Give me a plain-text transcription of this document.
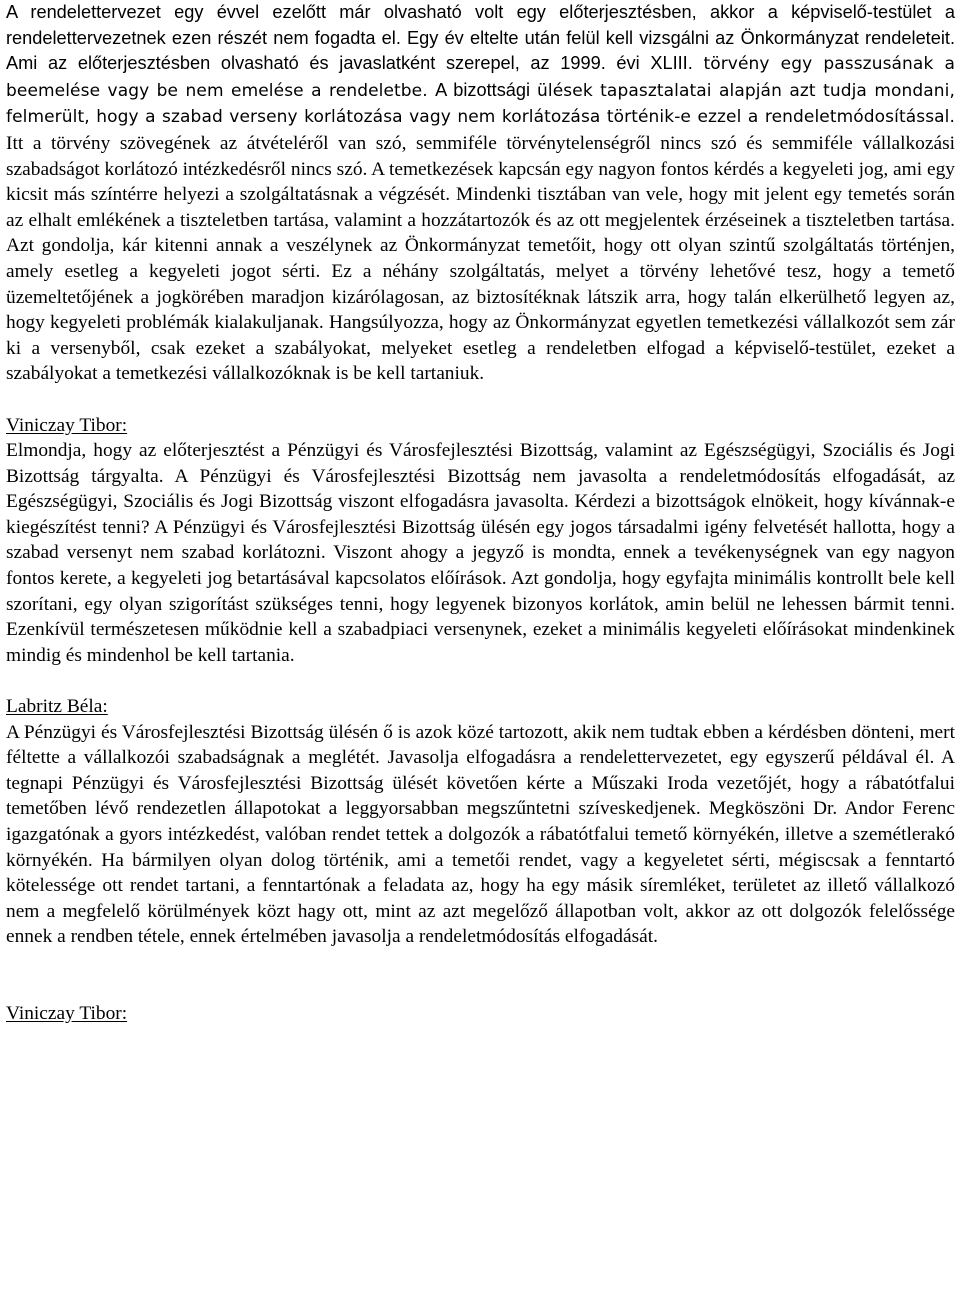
A rendelettervezet egy évvel ezelőtt már olvasható volt egy előterjesztésben, akkor a képviselő-testület a rendelettervezetnek ezen részét nem fogadta el. Egy év eltelte után felül kell vizsgálni az Önkormányzat rendeleteit. Ami az előterjesztésben olvasható és javaslatként szerepel, az 1999. évi XLIII. törvény egy passzusának a beemelése vagy be nem emelése a rendeletbe. A bizottsági ülések tapasztalatai alapján azt tudja mondani, felmerült, hogy a szabad verseny korlátozása vagy nem korlátozása történik-e ezzel a rendeletmódosítással. Itt a törvény szövegének az átvételéről van szó, semmiféle törvénytelenségről nincs szó és semmiféle vállalkozási szabadságot korlátozó intézkedésről nincs szó. A temetkezések kapcsán egy nagyon fontos kérdés a kegyeleti jog, ami egy kicsit más színtérre helyezi a szolgáltatásnak a végzését. Mindenki tisztában van vele, hogy mit jelent egy temetés során az elhalt emlékének a tiszteletben tartása, valamint a hozzátartozók és az ott megjelentek érzéseinek a tiszteletben tartása. Azt gondolja, kár kitenni annak a veszélynek az Önkormányzat temetőit, hogy ott olyan szintű szolgáltatás történjen, amely esetleg a kegyeleti jogot sérti. Ez a néhány szolgáltatás, melyet a törvény lehetővé tesz, hogy a temető üzemeltetőjének a jogkörében maradjon kizárólagosan, az biztosítéknak látszik arra, hogy talán elkerülhető legyen az, hogy kegyeleti problémák kialakuljanak. Hangsúlyozza, hogy az Önkormányzat egyetlen temetkezési vállalkozót sem zár ki a versenyből, csak ezeket a szabályokat, melyeket esetleg a rendeletben elfogad a képviselő-testület, ezeket a szabályokat a temetkezési vállalkozóknak is be kell tartaniuk.

Viniczay Tibor:

Elmondja, hogy az előterjesztést a Pénzügyi és Városfejlesztési Bizottság, valamint az Egészségügyi, Szociális és Jogi Bizottság tárgyalta. A Pénzügyi és Városfejlesztési Bizottság nem javasolta a rendeletmódosítás elfogadását, az Egészségügyi, Szociális és Jogi Bizottság viszont elfogadásra javasolta. Kérdezi a bizottságok elnökeit, hogy kívánnak-e kiegészítést tenni? A Pénzügyi és Városfejlesztési Bizottság ülésén egy jogos társadalmi igény felvetését hallotta, hogy a szabad versenyt nem szabad korlátozni. Viszont ahogy a jegyző is mondta, ennek a tevékenységnek van egy nagyon fontos kerete, a kegyeleti jog betartásával kapcsolatos előírások. Azt gondolja, hogy egyfajta minimális kontrollt bele kell szorítani, egy olyan szigorítást szükséges tenni, hogy legyenek bizonyos korlátok, amin belül ne lehessen bármit tenni. Ezenkívül természetesen működnie kell a szabadpiaci versenynek, ezeket a minimális kegyeleti előírásokat mindenkinek mindig és mindenhol be kell tartania.

Labritz Béla:

A Pénzügyi és Városfejlesztési Bizottság ülésén ő is azok közé tartozott, akik nem tudtak ebben a kérdésben dönteni, mert féltette a vállalkozói szabadságnak a meglétét. Javasolja elfogadásra a rendelettervezetet, egy egyszerű példával él. A tegnapi Pénzügyi és Városfejlesztési Bizottság ülését követően kérte a Műszaki Iroda vezetőjét, hogy a rábatótfalui temetőben lévő rendezetlen állapotokat a leggyorsabban megszűntetni szíveskedjenek. Megköszöni Dr. Andor Ferenc igazgatónak a gyors intézkedést, valóban rendet tettek a dolgozók a rábatótfalui temető környékén, illetve a szemétlerakó környékén. Ha bármilyen olyan dolog történik, ami a temetői rendet, vagy a kegyeletet sérti, mégiscsak a fenntartó kötelessége ott rendet tartani, a fenntartónak a feladata az, hogy ha egy másik síremléket, területet az illető vállalkozó nem a megfelelő körülmények közt hagy ott, mint az azt megelőző állapotban volt, akkor az ott dolgozók felelőssége ennek a rendben tétele, ennek értelmében javasolja a rendeletmódosítás elfogadását.

Viniczay Tibor:
